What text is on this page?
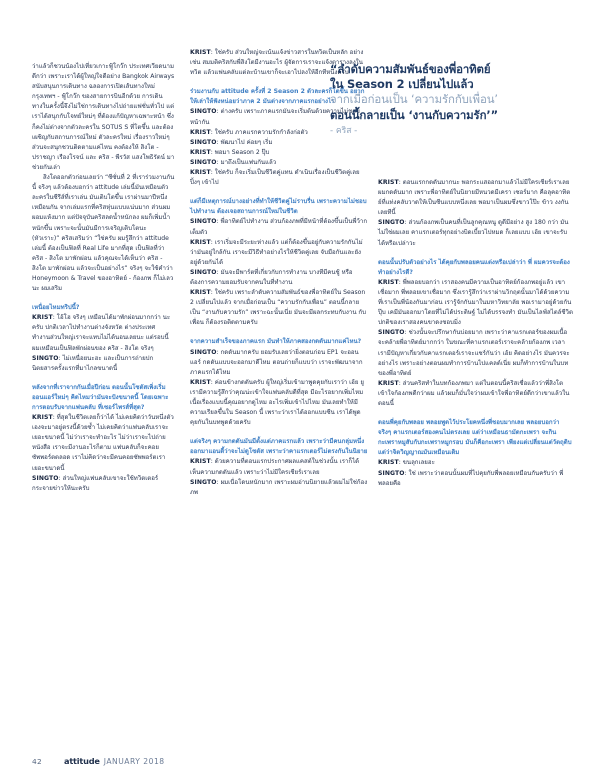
ว่าแล้วก็ชวนน้องไปเที่ยวเกาะฟู้โกว๊ก ประเทศเวียดนามดีกว่า เพราะเราได้ผู้ใหญ่ใจดีอย่าง Bangkok Airways สนับสนุนการเดินทาง ฉลองการเปิดเส้นทางใหม่ กรุงเทพฯ - ฟู้โกว๊ก ของสายการบินอีกด้วย การเดินทางในครั้งนี้จึงไม่ใช่การเดินทางไปถ่ายแฟชั่นทั่วไป แต่เราได้สนุกกับโจทย์ใหม่ๆ ที่ต้องแก้ปัญหาเฉพาะหน้า ซึ่งก็คงไม่ต่างจากตัวละครใน SOTUS S ที่โตขึ้น และต้องเผชิญกับสถานการณ์ใหม่ ตัวละครใหม่ เรื่องราวใหม่ๆ ส่วนจะสนุกชวนติดตามแค่ไหน คงต้องให้ สิงโต - ปราชญา เรืองโรจน์ และ คริส - พีรวัส แสงโพธิรัตน์ มาช่วยกันเล่า

สิงโตออกตัวก่อนเลยว่า “ซีซั่นที่ 2 ที่เราร่วมงานกันนี้ จริงๆ แล้วต้องบอกว่า attitude เล่มนี้มันเหมือนตัวละครในซีรีส์ที่เราเล่น มันเติบโตขึ้น เราผ่านมาปีหนึ่งเหมือนกัน จากเล่มแรกที่คริสหุ่นแบบแน่นมาก ส่วนผมผอมแห้งมาก แต่ปัจจุบันคริสลดน้ำหนักลง ผมก็เพิ่มน้ำหนักขึ้น เพราะจะนั้นมันมีการเจริญเติบโตนะ (หัวเราะ)” คริสเสริมว่า “ใช่ครับ ผมรู้สึกว่า attitude เล่มนี้ ต้องเป็นฟิลที่ Real Life มากที่สุด เป็นฟิลที่ว่า คริส - สิงโต มาพักผ่อน แล้วคุณจะได้เห็นว่า คริส - สิงโต มาพักผ่อน แล้วจะเป็นอย่างไร” จริงๆ จะใช้คำว่า Honeymoon & Travel ของอาทิตย์ - ก้องภพ ก็ไม่เลวนะ ผมเสริม

เหนื่อยไหมทริปนี้?

KRIST: โอ้โฮ จริงๆ เหมือนได้มาพักผ่อนมากกว่า นะครับ ปกติเวลาไปทำงานต่างจังหวัด ต่างประเทศ ทำงานส่วนใหญ่เราจะแทบไม่ได้นอนเลยนะ แต่รอบนี้ผมเหมือนเป็นฟิลพักผ่อนของ คริส - สิงโต จริงๆ

SINGTO: ไม่เหนื่อยนะฮะ และเป็นการถ่ายปกนิตยสารครั้งแรกที่มาไกลขนาดนี้

หลังจากที่เราจากกันเมื่อปีก่อน ตอนนั้นโซตัสเพิ่งเริ่มออนแอร์ใหม่ๆ คิดไหมว่ามันจะปังขนาดนี้ โดยเฉพาะการตอบรับจากแฟนคลับ ที่เซอร์ไพรส์ที่สุด?

KRIST: ที่สุดในชีวิตเลยก็ว่าได้ ไม่เคยคิดว่าวันหนึ่งตัวเองจะมาอยู่ตรงนี้ด้วยซ้ำ ไม่เคยคิดว่าแฟนคลับเราจะเยอะขนาดนี้ ไม่ว่าเราจะทำอะไร ไม่ว่าเราจะไปถ่ายหนังสือ เราจะมีงานอะไรก็ตาม แฟนคลับก็จะคอยซัพพอร์ตตลอด เราไม่คิดว่าจะมีคนคอยซัพพอร์ตเราเยอะขนาดนี้

SINGTO: ส่วนใหญ่แฟนคลับเขาจะใช้ทวิตเตอร์กระจายข่าวให้นะครับ

KRIST: ใช่ครับ ส่วนใหญ่จะเน้นแจ้งข่าวสารในทวิตเป็นหลัก อย่างเช่น สมมติคริสกับพี่สิงโตมีงานอะไร ผู้จัดการเราจะแจ้งตารางลงในทวิต แล้วแฟนคลับแต่ละบ้านเขาก็จะเอาไปลงให้อีกทีหนึ่งครับ

ร่วมงานกับ attitude ครั้งที่ 2 Season 2 ตัวละครก็โตขึ้น อยากให้เล่าให้ฟังหน่อยว่าภาค 2 มันต่างจากภาคแรกอย่างไร

SINGTO: ต่างครับ เพราะภาคแรกมันจะเริ่มต้นด้วยความไม่ชอบหน้ากัน

KRIST: ใช่ครับ ภาคแรกความรักกำลังก่อตัว

SINGTO: พัฒนาไป ค่อยๆ เริ่ม

KRIST: พอมา Season 2 ปุ๊บ

SINGTO: มาถึงเป็นแฟนกันแล้ว

KRIST: ใช่ครับ ก็จะเริ่มเป็นชีวิตคู่แทน ดำเนินเรื่องเป็นชีวิตคู่เลย ปิ้งๆ เข้าไป

แต่ก็มีเหตุการณ์บางอย่างที่ทำให้ชีวิตคู่ไม่ราบรื่น เพราะความไม่ชอบไปทำงาน ต้องเจอสถานการณ์ใหม่ในชีวิต

SINGTO: พี่อาทิตย์ไปทำงาน ส่วนก้องภพที่มีหน้าที่ต้องขึ้นเป็นพี่ว้ากเต็มตัว

KRIST: เราเริ่มจะมีระยะห่างแล้ว แต่ก็ต้องขึ้นอยู่กับความรักกันไม่ว่ามันอยู่ใกล้กัน เราจะมีวิธีทำอย่างไรให้ชีวิตคู่เลย จับมือกันและยังอยู่ด้วยกันได้

SINGTO: มันจะมีพาร์ตที่เกี่ยวกับการทำงาน บางทีมีคนชู้ หรือต้องการความยอมรับจากคนในที่ทำงาน

KRIST: ใช่ครับ เพราะลำดับความสัมพันธ์ของพี่อาทิตย์ใน Season 2 เปลี่ยนไปแล้ว จากเมื่อก่อนเป็น “ความรักกับเพื่อน” ตอนนี้กลายเป็น “งานกับความรัก” เพราะฉะนั้นเนี่ย มันจะมีผลกระทบกับงาน กับเพื่อน ก็ต้องรอติดตามครับ

จากความสำเร็จของภาคแรก มันทำให้ภาคสองกดดันมากแค่ไหน?

SINGTO: กดดันมากครับ ยอมรับเลยว่ายิ่งตอนก่อน EP1 จะออนแอร์ กดดันแบบจะออกมาดีไหม ตอนถ่ายก็แบบว่า เราจะพัฒนาจากภาคแรกได้ไหม

KRIST: ค่อนข้างกดดันครับ ผู้ใหญ่เริ่มเข้ามาพูดคุยกับเราว่า เฮ้ย ยู เรามีความรู้สึกว่าคุณน่ะเข้าใจแฟนคลับดีที่สุด มีอะไรอยากเพิ่มไหม เนื้อเรื่องแบบนี้คุณอยากดูไหม อะไรเพิ่มเข้าไปไหม มันเลยทำให้มีความเรียลขึ้นใน Season นี้ เพราะว่าเราได้ออกแบบซีน เราได้พูดคุยกันในบทพูดด้วยครับ

แต่จริงๆ ความกดดันมันมีตั้งแต่ภาคแรกแล้ว เพราะว่ามีคนกลุ่มหนึ่งออกมาแอนตี้ว่าจะไม่ดูโซตัส เพราะว่าคาแรกเตอร์ไม่ตรงกันในนิยาย

KRIST: ด้วยความที่ตอนแรกประกาศผลแคสต์ในช่วงนั้น เราก็ได้เห็นความกดดันแล้ว เพราะว่าไม่มีใครเชียร์เราเลย

SINGTO: ผมเนื่อโดนหนักมาก เพราะผมอ่านนิยายแล้วผมไม่ใช่ก้องภพ

“ลำดับความสัมพันธ์ของพี่อาทิตย์

ใน Season 2 เปลี่ยนไปแล้ว

จากเมื่อก่อนเป็น ‘ความรักกับเพื่อน’

ตอนนี้กลายเป็น ‘งานกับความรัก’”

- คริส -

KRIST: ตอนแรกกดดันมากนะ พอกระแสออกมาแล้วไม่มีใครเชียร์เราเลย ผมกดดันมาก เพราะพี่อาทิตย์ในนิยายมีหนวดมีเครา เซอร์มาก คือลุคอาทิตย์ที่แท่งคลับวาดให้เป็นซีนแบบหนึ่งเลย พอมาเป็นผมซึ่งขาวโป๊ะ ข้าว งงกันเลยทีนี้

SINGTO: ส่วนก้องภพเป็นคนที่เป็นลูกคุณหนู ดูดีมีอย่าง สูง 180 กว่า มันไม่ใช่ผมเลย คาแรกเตอร์ทุกอย่างบิดเบี้ยวไปหมด ก็เลยแบบ เฮ้ย เขาจะรับได้หรือเปล่าวะ

ตอนนั้นปรับตัวอย่างไร ได้คุยกับพลอยคนแต่งหรือเปล่าว่า พี่ ผมควรจะต้องทำอย่างไรดี?

KRIST: พี่พลอยบอกว่า เราสองคนมีความเป็นอาทิตย์ก้องภพอยู่แล้ว เขาเชื่อมาก พี่พลอยเขาเชื่อมาก ซึ่งเรารู้สึกว่าเราผ่านวิกฤตนั้นมาได้ด้วยความที่เราเป็นพี่น้องกันมาก่อน เรารู้จักกันมาในมหาวิทยาลัย พอเรามาอยู่ด้วยกันปุ๊บ เคมีมันออกมาโดยที่ไม่ได้ประดิษฐ์ ไม่ได้บรรจงทำ มันเป็นไลฟ์สไตล์ชีวิตปกติของเราสองคนขาดงชอบมิ่ง

SINGTO: ช่วงนั้นจะปรึกษากันบ่อยมาก เพราะว่าคาแรกเตอร์ของผมเนื้อจะคล้ายพี่อาทิตย์มากกว่า ในขณะที่คาแรกเตอร์เราจะคล้ายก้องภพ เวลาเรามีปัญหาเกี่ยวกับคาแรกเตอร์เราจะแชร์กันว่า เฮ้ย คิดอย่างไร มันควรจะอย่างไร เพราะอย่างตอนผมทำการบ้านไปแคลด์เนี่ย ผมก็ทำการบ้านในบทของพี่อาทิตย์

KRIST: ส่วนคริสทำในบทก้องภพมา แต่ในตอนนี้คริสเชื่อแล้วว่าพี่สิงโตเข้าใจก้องภพดีกว่าผม แล้วผมก็มั่นใจว่าผมเข้าใจพี่อาทิตย์ดีกว่าเขาแล้วในตอนนี้

ตอนพี่คุยกับพลอย พลอยพูดไว้ประโยคหนึ่งพี่ชอบมากเลย พลอยบอกว่า จริงๆ คาแรกเตอร์สองคนไม่ตรงเลย แต่ว่าเหมือนธามัดกะเพรา จะกินกะเพราหมูสับกับกะเพราหมูกรอบ มันก็คือกะเพรา เพียงแต่เปลี่ยนแต่วัตถุดิบ แต่ว่าจิตวิญญาณมันเหมือนเดิม

KRIST: ขนลุกเลยฮะ

SINGTO: ใช่ เพราะว่าตอนนั้นผมที่ไปคุยกับพี่พลอยเหมือนกันครับว่า พี่พลอยคือ

42	attitude JANUARY 2018
